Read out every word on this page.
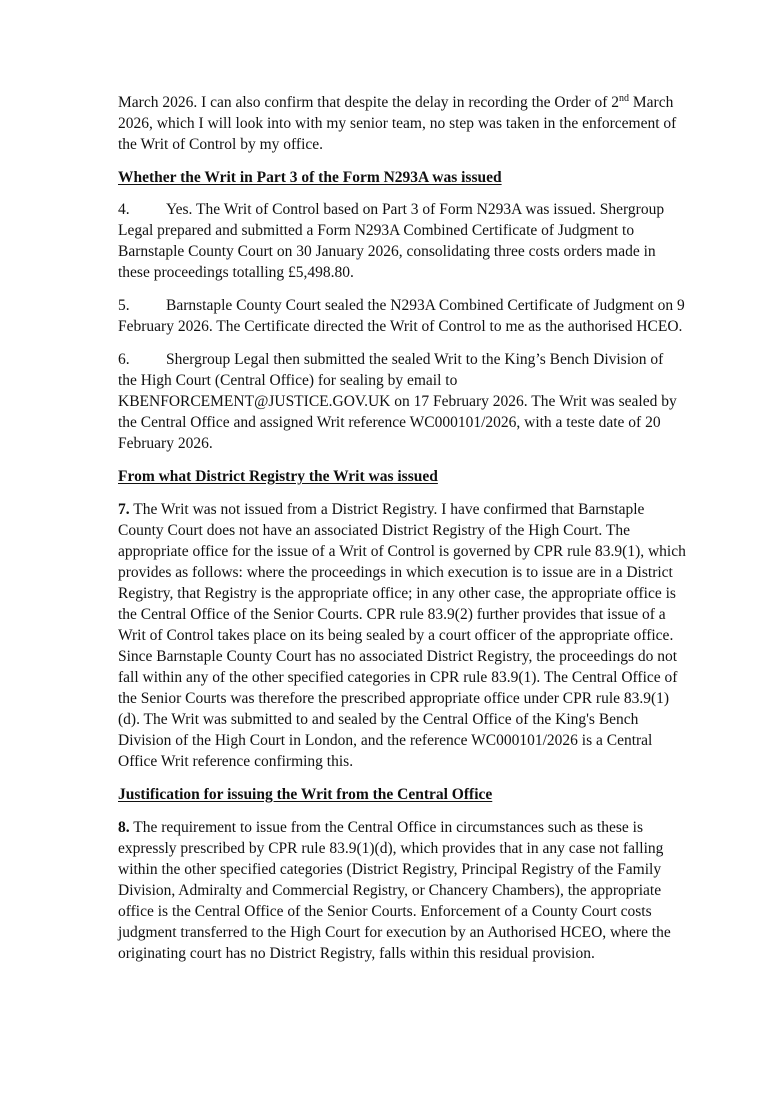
March 2026. I can also confirm that despite the delay in recording the Order of 2nd March 2026, which I will look into with my senior team, no step was taken in the enforcement of the Writ of Control by my office.

Whether the Writ in Part 3 of the Form N293A was issued

4. Yes. The Writ of Control based on Part 3 of Form N293A was issued. Shergroup Legal prepared and submitted a Form N293A Combined Certificate of Judgment to Barnstaple County Court on 30 January 2026, consolidating three costs orders made in these proceedings totalling £5,498.80.

5. Barnstaple County Court sealed the N293A Combined Certificate of Judgment on 9 February 2026. The Certificate directed the Writ of Control to me as the authorised HCEO.

6. Shergroup Legal then submitted the sealed Writ to the King’s Bench Division of the High Court (Central Office) for sealing by email to KBENFORCEMENT@JUSTICE.GOV.UK on 17 February 2026. The Writ was sealed by the Central Office and assigned Writ reference WC000101/2026, with a teste date of 20 February 2026.

From what District Registry the Writ was issued

7. The Writ was not issued from a District Registry. I have confirmed that Barnstaple County Court does not have an associated District Registry of the High Court. The appropriate office for the issue of a Writ of Control is governed by CPR rule 83.9(1), which provides as follows: where the proceedings in which execution is to issue are in a District Registry, that Registry is the appropriate office; in any other case, the appropriate office is the Central Office of the Senior Courts. CPR rule 83.9(2) further provides that issue of a Writ of Control takes place on its being sealed by a court officer of the appropriate office. Since Barnstaple County Court has no associated District Registry, the proceedings do not fall within any of the other specified categories in CPR rule 83.9(1). The Central Office of the Senior Courts was therefore the prescribed appropriate office under CPR rule 83.9(1)(d). The Writ was submitted to and sealed by the Central Office of the King's Bench Division of the High Court in London, and the reference WC000101/2026 is a Central Office Writ reference confirming this.

Justification for issuing the Writ from the Central Office

8. The requirement to issue from the Central Office in circumstances such as these is expressly prescribed by CPR rule 83.9(1)(d), which provides that in any case not falling within the other specified categories (District Registry, Principal Registry of the Family Division, Admiralty and Commercial Registry, or Chancery Chambers), the appropriate office is the Central Office of the Senior Courts. Enforcement of a County Court costs judgment transferred to the High Court for execution by an Authorised HCEO, where the originating court has no District Registry, falls within this residual provision.
